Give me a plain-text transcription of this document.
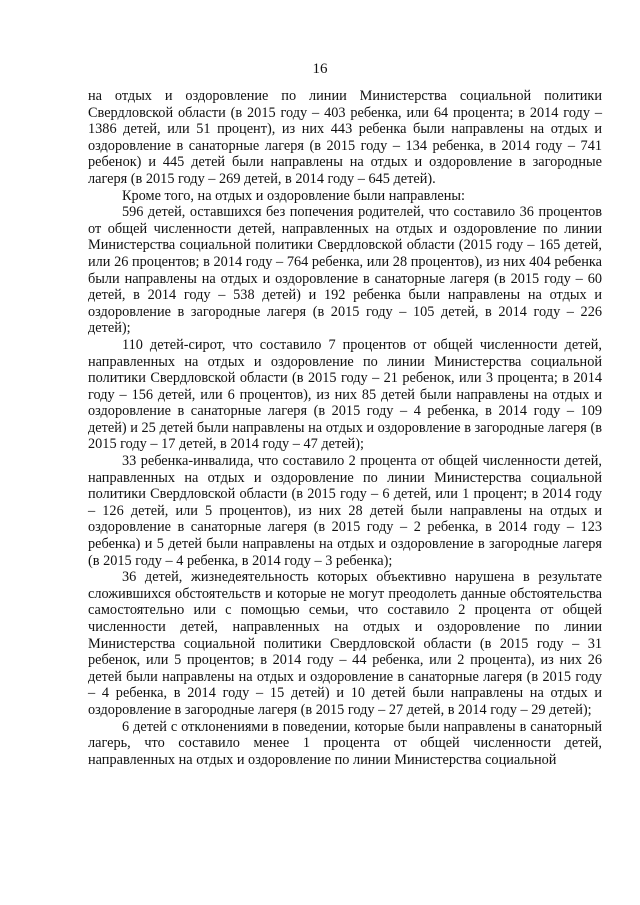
16

на отдых и оздоровление по линии Министерства социальной политики Свердловской области (в 2015 году – 403 ребенка, или 64 процента; в 2014 году – 1386 детей, или 51 процент), из них 443 ребенка были направлены на отдых и оздоровление в санаторные лагеря (в 2015 году – 134 ребенка, в 2014 году – 741 ребенок) и 445 детей были направлены на отдых и оздоровление в загородные лагеря (в 2015 году – 269 детей, в 2014 году – 645 детей).

Кроме того, на отдых и оздоровление были направлены:

596 детей, оставшихся без попечения родителей, что составило 36 процентов от общей численности детей, направленных на отдых и оздоровление по линии Министерства социальной политики Свердловской области (2015 году – 165 детей, или 26 процентов; в 2014 году – 764 ребенка, или 28 процентов), из них 404 ребенка были направлены на отдых и оздоровление в санаторные лагеря (в 2015 году – 60 детей, в 2014 году – 538 детей) и 192 ребенка были направлены на отдых и оздоровление в загородные лагеря (в 2015 году – 105 детей, в 2014 году – 226 детей);

110 детей-сирот, что составило 7 процентов от общей численности детей, направленных на отдых и оздоровление по линии Министерства социальной политики Свердловской области (в 2015 году – 21 ребенок, или 3 процента; в 2014 году – 156 детей, или 6 процентов), из них 85 детей были направлены на отдых и оздоровление в санаторные лагеря (в 2015 году – 4 ребенка, в 2014 году – 109 детей) и 25 детей были направлены на отдых и оздоровление в загородные лагеря (в 2015 году – 17 детей, в 2014 году – 47 детей);

33 ребенка-инвалида, что составило 2 процента от общей численности детей, направленных на отдых и оздоровление по линии Министерства социальной политики Свердловской области (в 2015 году – 6 детей, или 1 процент; в 2014 году – 126 детей, или 5 процентов), из них 28 детей были направлены на отдых и оздоровление в санаторные лагеря (в 2015 году – 2 ребенка, в 2014 году – 123 ребенка) и 5 детей были направлены на отдых и оздоровление в загородные лагеря (в 2015 году – 4 ребенка, в 2014 году – 3 ребенка);

36 детей, жизнедеятельность которых объективно нарушена в результате сложившихся обстоятельств и которые не могут преодолеть данные обстоятельства самостоятельно или с помощью семьи, что составило 2 процента от общей численности детей, направленных на отдых и оздоровление по линии Министерства социальной политики Свердловской области (в 2015 году – 31 ребенок, или 5 процентов; в 2014 году – 44 ребенка, или 2 процента), из них 26 детей были направлены на отдых и оздоровление в санаторные лагеря (в 2015 году – 4 ребенка, в 2014 году – 15 детей) и 10 детей были направлены на отдых и оздоровление в загородные лагеря (в 2015 году – 27 детей, в 2014 году – 29 детей);

6 детей с отклонениями в поведении, которые были направлены в санаторный лагерь, что составило менее 1 процента от общей численности детей, направленных на отдых и оздоровление по линии Министерства социальной
